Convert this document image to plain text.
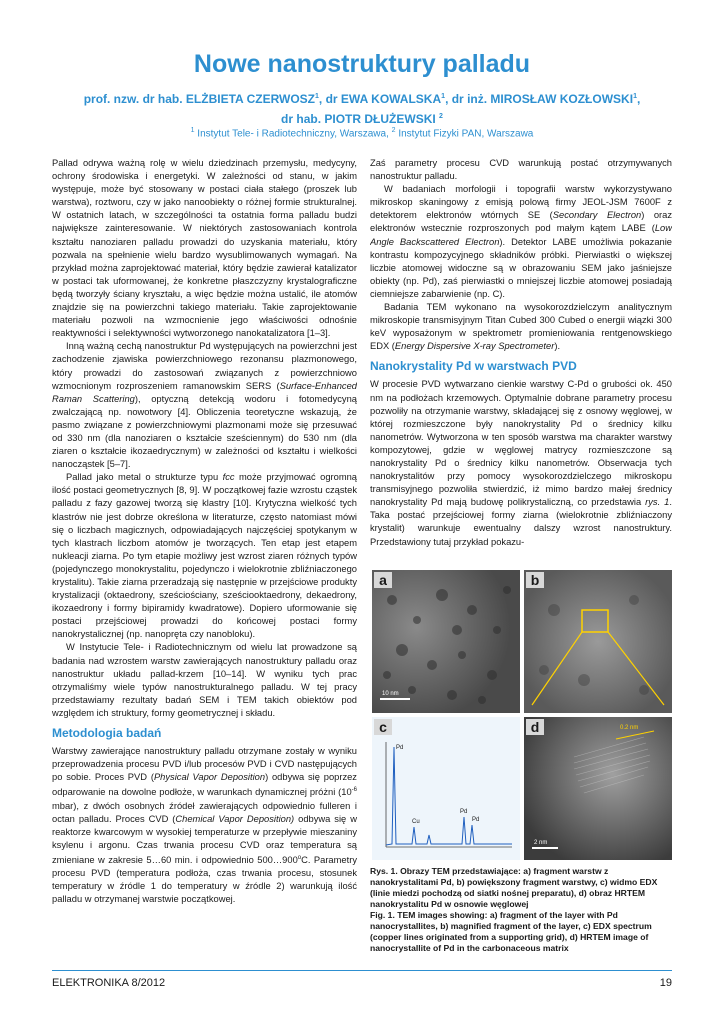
Nowe nanostruktury palladu
prof. nzw. dr hab. ELŻBIETA CZERWOSZ$^1$, dr EWA KOWALSKA$^1$, dr inż. MIROSŁAW KOZŁOWSKI$^1$,
dr hab. PIOTR DŁUŻEWSKI $^2$
$^1$ Instytut Tele- i Radiotechniczny, Warszawa, $^2$ Instytut Fizyki PAN, Warszawa

Pallad odrywa ważną rolę w wielu dziedzinach przemysłu, medycyny, ochrony środowiska i energetyki. W zależności od stanu, w jakim występuje, może być stosowany w postaci ciała stałego (proszek lub warstwa), roztworu, czy w jako nanoobiekty o różnej formie strukturalnej. W ostatnich latach, w szczególności ta ostatnia forma palladu budzi największe zainteresowanie. W niektórych zastosowaniach kontrola kształtu nanoziaren palladu prowadzi do uzyskania materiału, który pozwala na spełnienie wielu bardzo wysublimowanych wymagań. Na przykład można zaprojektować materiał, który będzie zawierał katalizator w postaci tak uformowanej, że konkretne płaszczyzny krystalograficzne będą tworzyły ściany kryształu, a więc będzie można ustalić, ile atomów znajdzie się na powierzchni takiego materiału. Takie zaprojektowanie materiału pozwoli na wzmocnienie jego właściwości odnośnie reaktywności i selektywności wytworzonego nanokatalizatora [1–3].

Inną ważną cechą nanostruktur Pd występujących na powierzchni jest zachodzenie zjawiska powierzchniowego rezonansu plazmonowego, który prowadzi do zastosowań związanych z powierzchniowo wzmocnionym rozproszeniem ramanowskim SERS (Surface-Enhanced Raman Scattering), optyczną detekcją wodoru i fotomedycyną zwalczającą np. nowotwory [4]. Obliczenia teoretyczne wskazują, że pasmo związane z powierzchniowymi plazmonami może się przesuwać od 330 nm (dla nanoziaren o kształcie sześciennym) do 530 nm (dla ziaren o kształcie ikozaedrycznym) w zależności od kształtu i wielkości nanocząstek [5–7].

Pallad jako metal o strukturze typu fcc może przyjmować ogromną ilość postaci geometrycznych [8, 9]. W początkowej fazie wzrostu cząstek palladu z fazy gazowej tworzą się klastry [10]. Krytyczna wielkość tych klastrów nie jest dobrze określona w literaturze, często natomiast mówi się o liczbach magicznych, odpowiadających najczęściej spotykanym w tych klastrach liczbom atomów je tworzących. Ten etap jest etapem nukleacji ziarna. Po tym etapie możliwy jest wzrost ziaren różnych typów (pojedynczego monokrystalitu, pojedynczo i wielokrotnie zbliźniaczonego krystalitu). Takie ziarna przeradzają się następnie w przejściowe produkty krystalizacji (oktaedrony, sześciościany, sześciooktaedrony, dekaedrony, ikozaedrony i formy bipiramidy kwadratowe). Dopiero uformowanie się postaci przejściowej prowadzi do końcowej postaci formy nanokrystalicznej (np. nanopręta czy nanobloku).

W Instytucie Tele- i Radiotechnicznym od wielu lat prowadzone są badania nad wzrostem warstw zawierających nanostruktury palladu oraz nanostruktur układu pallad-krzem [10–14]. W wyniku tych prac otrzymaliśmy wiele typów nanostrukturalnego palladu. W tej pracy przedstawiamy rezultaty badań SEM i TEM takich obiektów pod względem ich struktury, formy geometrycznej i składu.

Metodologia badań

Warstwy zawierające nanostruktury palladu otrzymane zostały w wyniku przeprowadzenia procesu PVD i/lub procesów PVD i CVD następujących po sobie. Proces PVD (Physical Vapor Deposition) odbywa się poprzez odparowanie na dowolne podłoże, w warunkach dynamicznej próżni ($10^{-6}$ mbar), z dwóch osobnych źródeł zawierających odpowiednio fulleren i octan palladu. Proces CVD (Chemical Vapor Deposition) odbywa się w reaktorze kwarcowym w wysokiej temperaturze w przepływie mieszaniny ksylenu i argonu. Czas trwania procesu CVD oraz temperatura są zmieniane w zakresie 5…60 min. i odpowiednio 500…900$^o$C. Parametry procesu PVD (temperatura podłoża, czas trwania procesu, stosunek temperatury w źródle 1 do temperatury w źródle 2) warunkują ilość palladu w otrzymanej warstwie początkowej.

Zaś parametry procesu CVD warunkują postać otrzymywanych nanostruktur palladu.

W badaniach morfologii i topografii warstw wykorzystywano mikroskop skaningowy z emisją polową firmy JEOL-JSM 7600F z detektorem elektronów wtórnych SE (Secondary Electron) oraz elektronów wstecznie rozproszonych pod małym kątem LABE (Low Angle Backscattered Electron). Detektor LABE umożliwia pokazanie kontrastu kompozycyjnego składników próbki. Pierwiastki o większej liczbie atomowej widoczne są w obrazowaniu SEM jako jaśniejsze obiekty (np. Pd), zaś pierwiastki o mniejszej liczbie atomowej posiadają ciemniejsze zabarwienie (np. C).

Badania TEM wykonano na wysokorozdzielczym analitycznym mikroskopie transmisyjnym Titan Cubed 300 Cubed o energii wiązki 300 keV wyposażonym w spektrometr promieniowania rentgenowskiego EDX (Energy Dispersive X-ray Spectrometer).

Nanokrystality Pd w warstwach PVD

W procesie PVD wytwarzano cienkie warstwy C-Pd o grubości ok. 450 nm na podłożach krzemowych. Optymalnie dobrane parametry procesu pozwoliły na otrzymanie warstwy, składającej się z osnowy węglowej, w której rozmieszczone były nanokrystality Pd o średnicy kilku nanometrów. Wytworzona w ten sposób warstwa ma charakter warstwy kompozytowej, gdzie w węglowej matrycy rozmieszczone są nanokrystality Pd o średnicy kilku nanometrów. Obserwacja tych nanokrystalitów przy pomocy wysokorozdzielczego mikroskopu transmisyjnego pozwoliła stwierdzić, iż mimo bardzo małej średnicy nanokrystality Pd mają budowę polikrystaliczną, co przedstawia rys. 1. Taka postać przejściowej formy ziarna (wielokrotnie zbliźniaczony krystalit) warunkuje ewentualny dalszy wzrost nanostruktury. Przedstawiony tutaj przykład pokazu-

10 nm
a	b
Pd
Cu
Pd
Pd
c	0.2 nm
2 nm
d

Rys. 1. Obrazy TEM przedstawiające: a) fragment warstw z nanokrystalitami Pd, b) powiększony fragment warstwy, c) widmo EDX (linie miedzi pochodzą od siatki nośnej preparatu), d) obraz HRTEM nanokrystalitu Pd w osnowie węglowej

Fig. 1. TEM images showing: a) fragment of the layer with Pd nanocrystallites, b) magnified fragment of the layer, c) EDX spectrum (copper lines originated from a supporting grid), d) HRTEM image of nanocrystallite of Pd in the carbonaceous matrix

ELEKTRONIKA 8/2012	19
